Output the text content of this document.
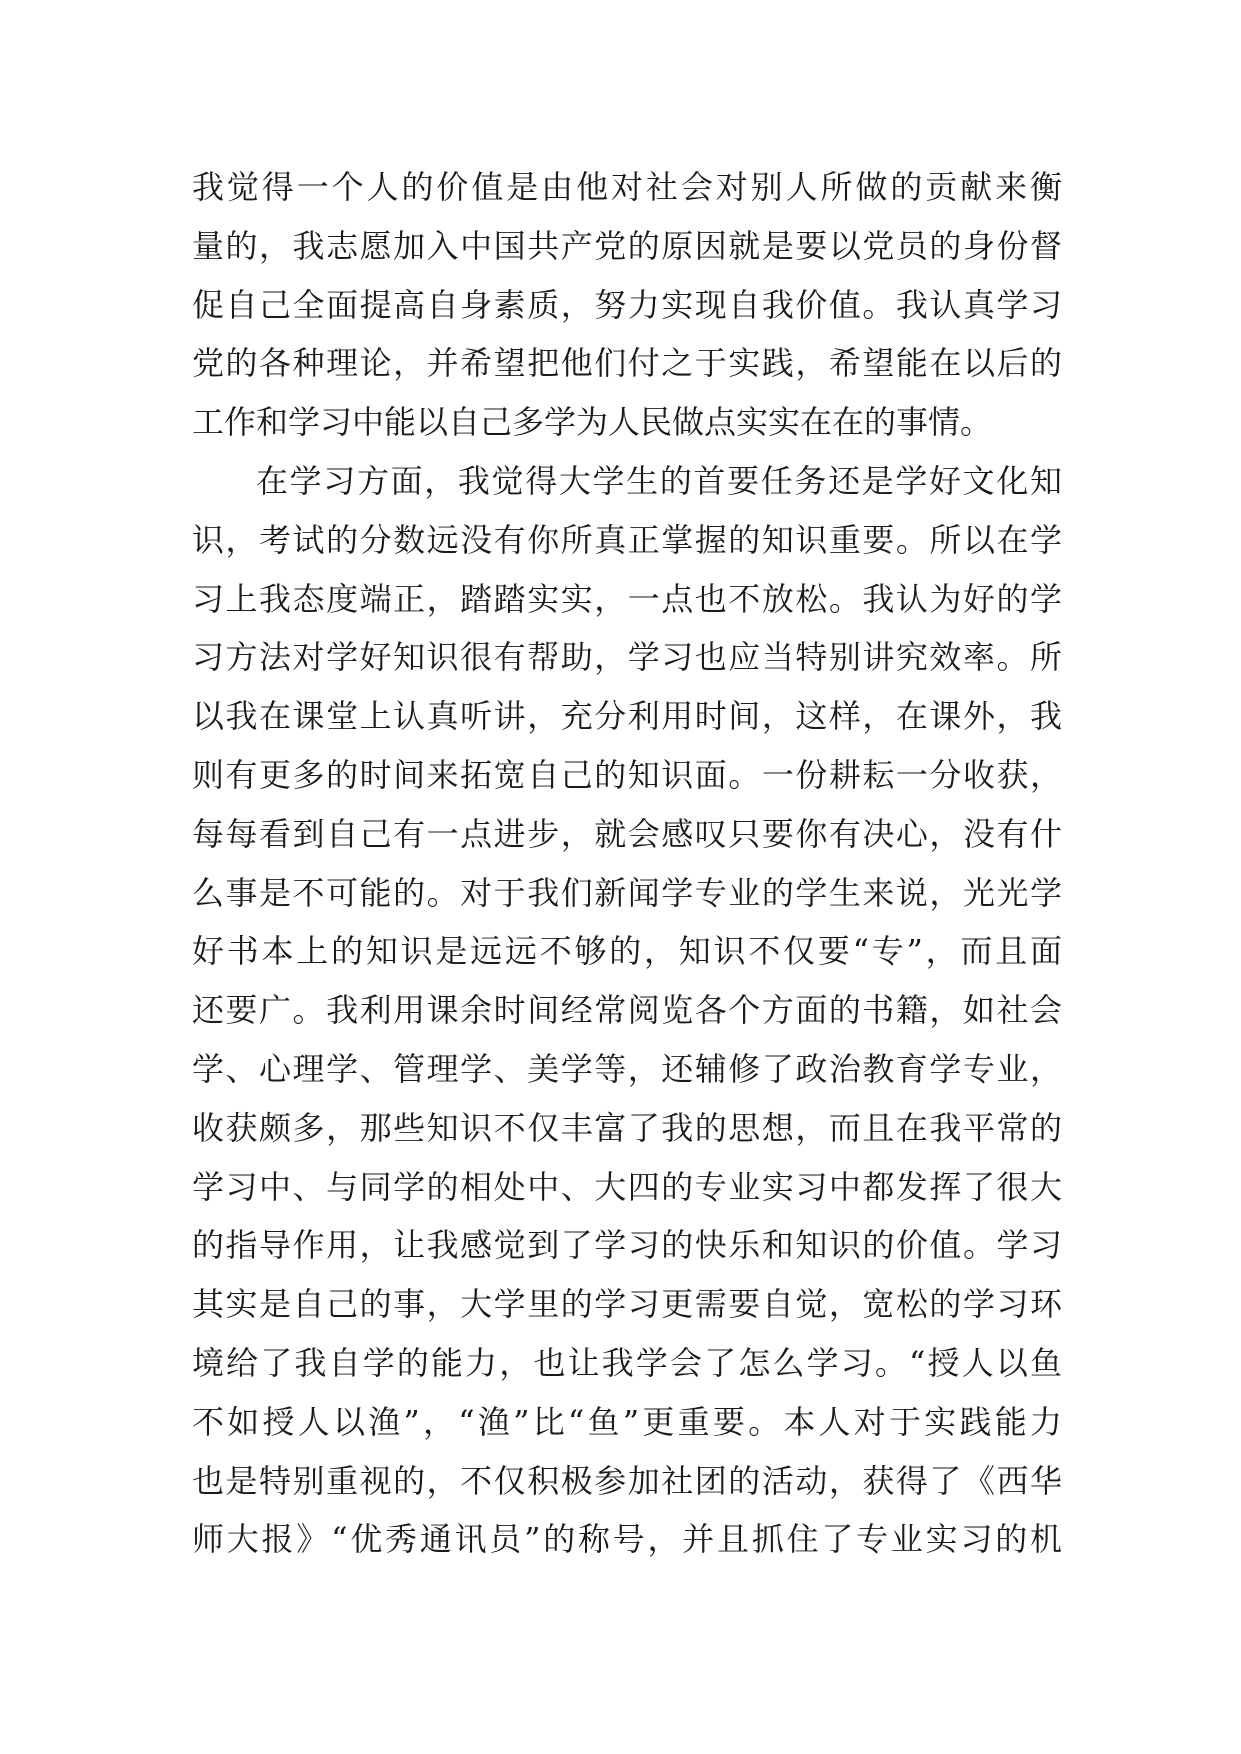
我觉得一个人的价值是由他对社会对别人所做的贡献来衡
量的，我志愿加入中国共产党的原因就是要以党员的身份督
促自己全面提高自身素质，努力实现自我价值。我认真学习
党的各种理论，并希望把他们付之于实践，希望能在以后的
工作和学习中能以自己多学为人民做点实实在在的事情。
在学习方面，我觉得大学生的首要任务还是学好文化知
识，考试的分数远没有你所真正掌握的知识重要。所以在学
习上我态度端正，踏踏实实，一点也不放松。我认为好的学
习方法对学好知识很有帮助，学习也应当特别讲究效率。所
以我在课堂上认真听讲，充分利用时间，这样，在课外，我
则有更多的时间来拓宽自己的知识面。一份耕耘一分收获，
每每看到自己有一点进步，就会感叹只要你有决心，没有什
么事是不可能的。对于我们新闻学专业的学生来说，光光学
好书本上的知识是远远不够的，知识不仅要“专”，而且面
还要广。我利用课余时间经常阅览各个方面的书籍，如社会
学、心理学、管理学、美学等，还辅修了政治教育学专业，
收获颇多，那些知识不仅丰富了我的思想，而且在我平常的
学习中、与同学的相处中、大四的专业实习中都发挥了很大
的指导作用，让我感觉到了学习的快乐和知识的价值。学习
其实是自己的事，大学里的学习更需要自觉，宽松的学习环
境给了我自学的能力，也让我学会了怎么学习。“授人以鱼
不如授人以渔”，“渔”比“鱼”更重要。本人对于实践能力
也是特别重视的，不仅积极参加社团的活动，获得了《西华
师大报》“优秀通讯员”的称号，并且抓住了专业实习的机
